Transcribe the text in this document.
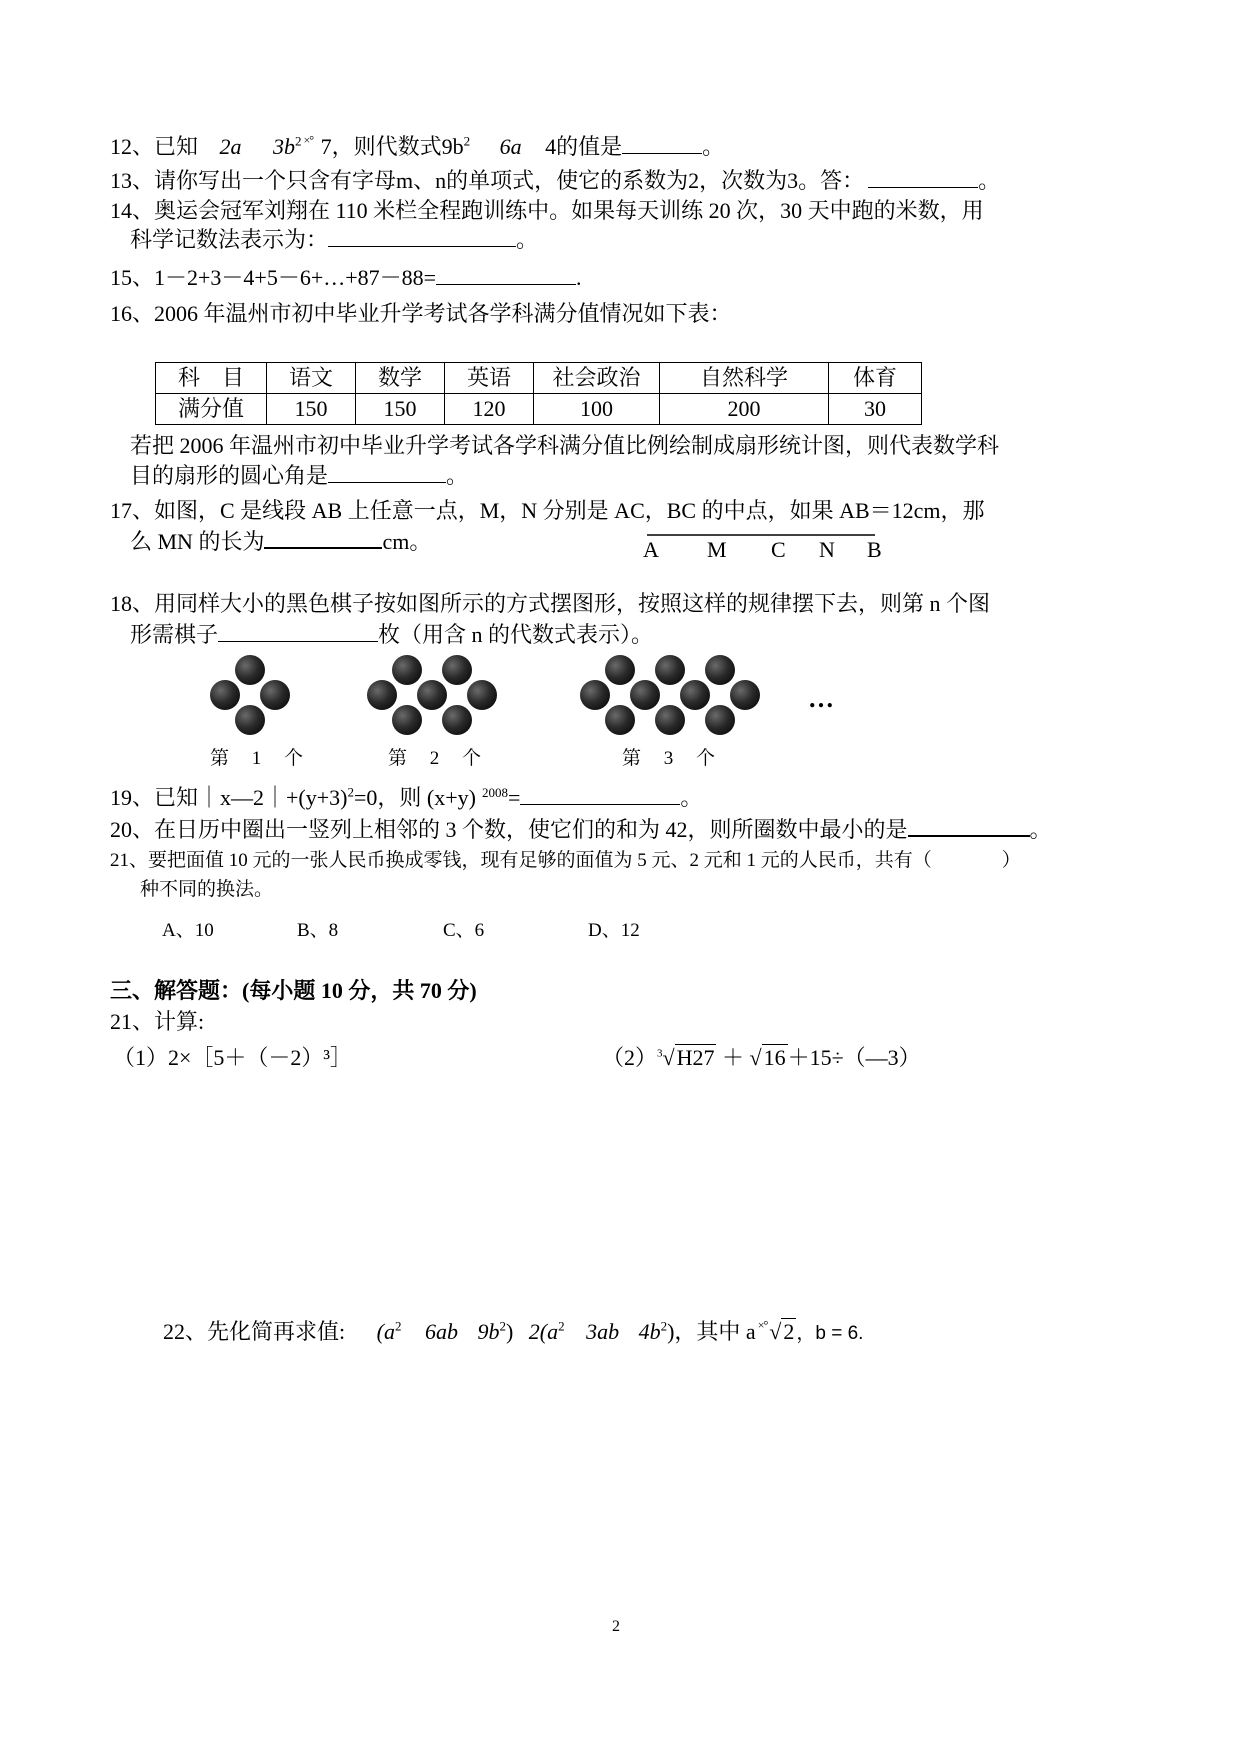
12、已知 2a $3b^2$ ×° 7，则代数式$9b^2$ 6a 4的值是	。
13、请你写出一个只含有字母m、n的单项式，使它的系数为2，次数为3。答：	。
14、奥运会冠军刘翔在 110 米栏全程跑训练中。如果每天训练 20 次，30 天中跑的米数，用
科学记数法表示为：	。
15、1－2+3－4+5－6+…+87－88=	.
16、2006 年温州市初中毕业升学考试各学科满分值情况如下表：
科　目	语文	数学	英语	社会政治	自然科学	体育
满分值	150	150	120	100	200	30
若把 2006 年温州市初中毕业升学考试各学科满分值比例绘制成扇形统计图，则代表数学科
目的扇形的圆心角是	。
17、如图，C 是线段 AB 上任意一点，M，N 分别是 AC，BC 的中点，如果 AB＝12cm，那
么 MN 的长为	cm。	A M C N B
18、用同样大小的黑色棋子按如图所示的方式摆图形，按照这样的规律摆下去，则第 n 个图
形需棋子	枚（用含 n 的代数式表示）。
…
第 1 个	第 2 个	第 3 个
19、已知$|x—2|+(y+3)^2=0$，则 (x+y) $^{2008}$=	。
20、在日历中圈出一竖列上相邻的 3 个数，使它们的和为 42，则所圈数中最小的是	。
21、要把面值 10 元的一张人民币换成零钱，现有足够的面值为 5 元、2 元和 1 元的人民币，共有（	）
种不同的换法。
A、10	B、8	C、6	D、12
三、解答题：(每小题 10 分，共 70 分)
21、计算:
（1）2×［5＋（－2）³］	$(2)^3√H27$ ＋ √16＋15÷（—3）
22、先化简再求值: ($a^2$ 6ab $9b^2$) $2(a^2$ 3ab $4b^2$)，其中 a ×°√2 ，b = 6.
2
